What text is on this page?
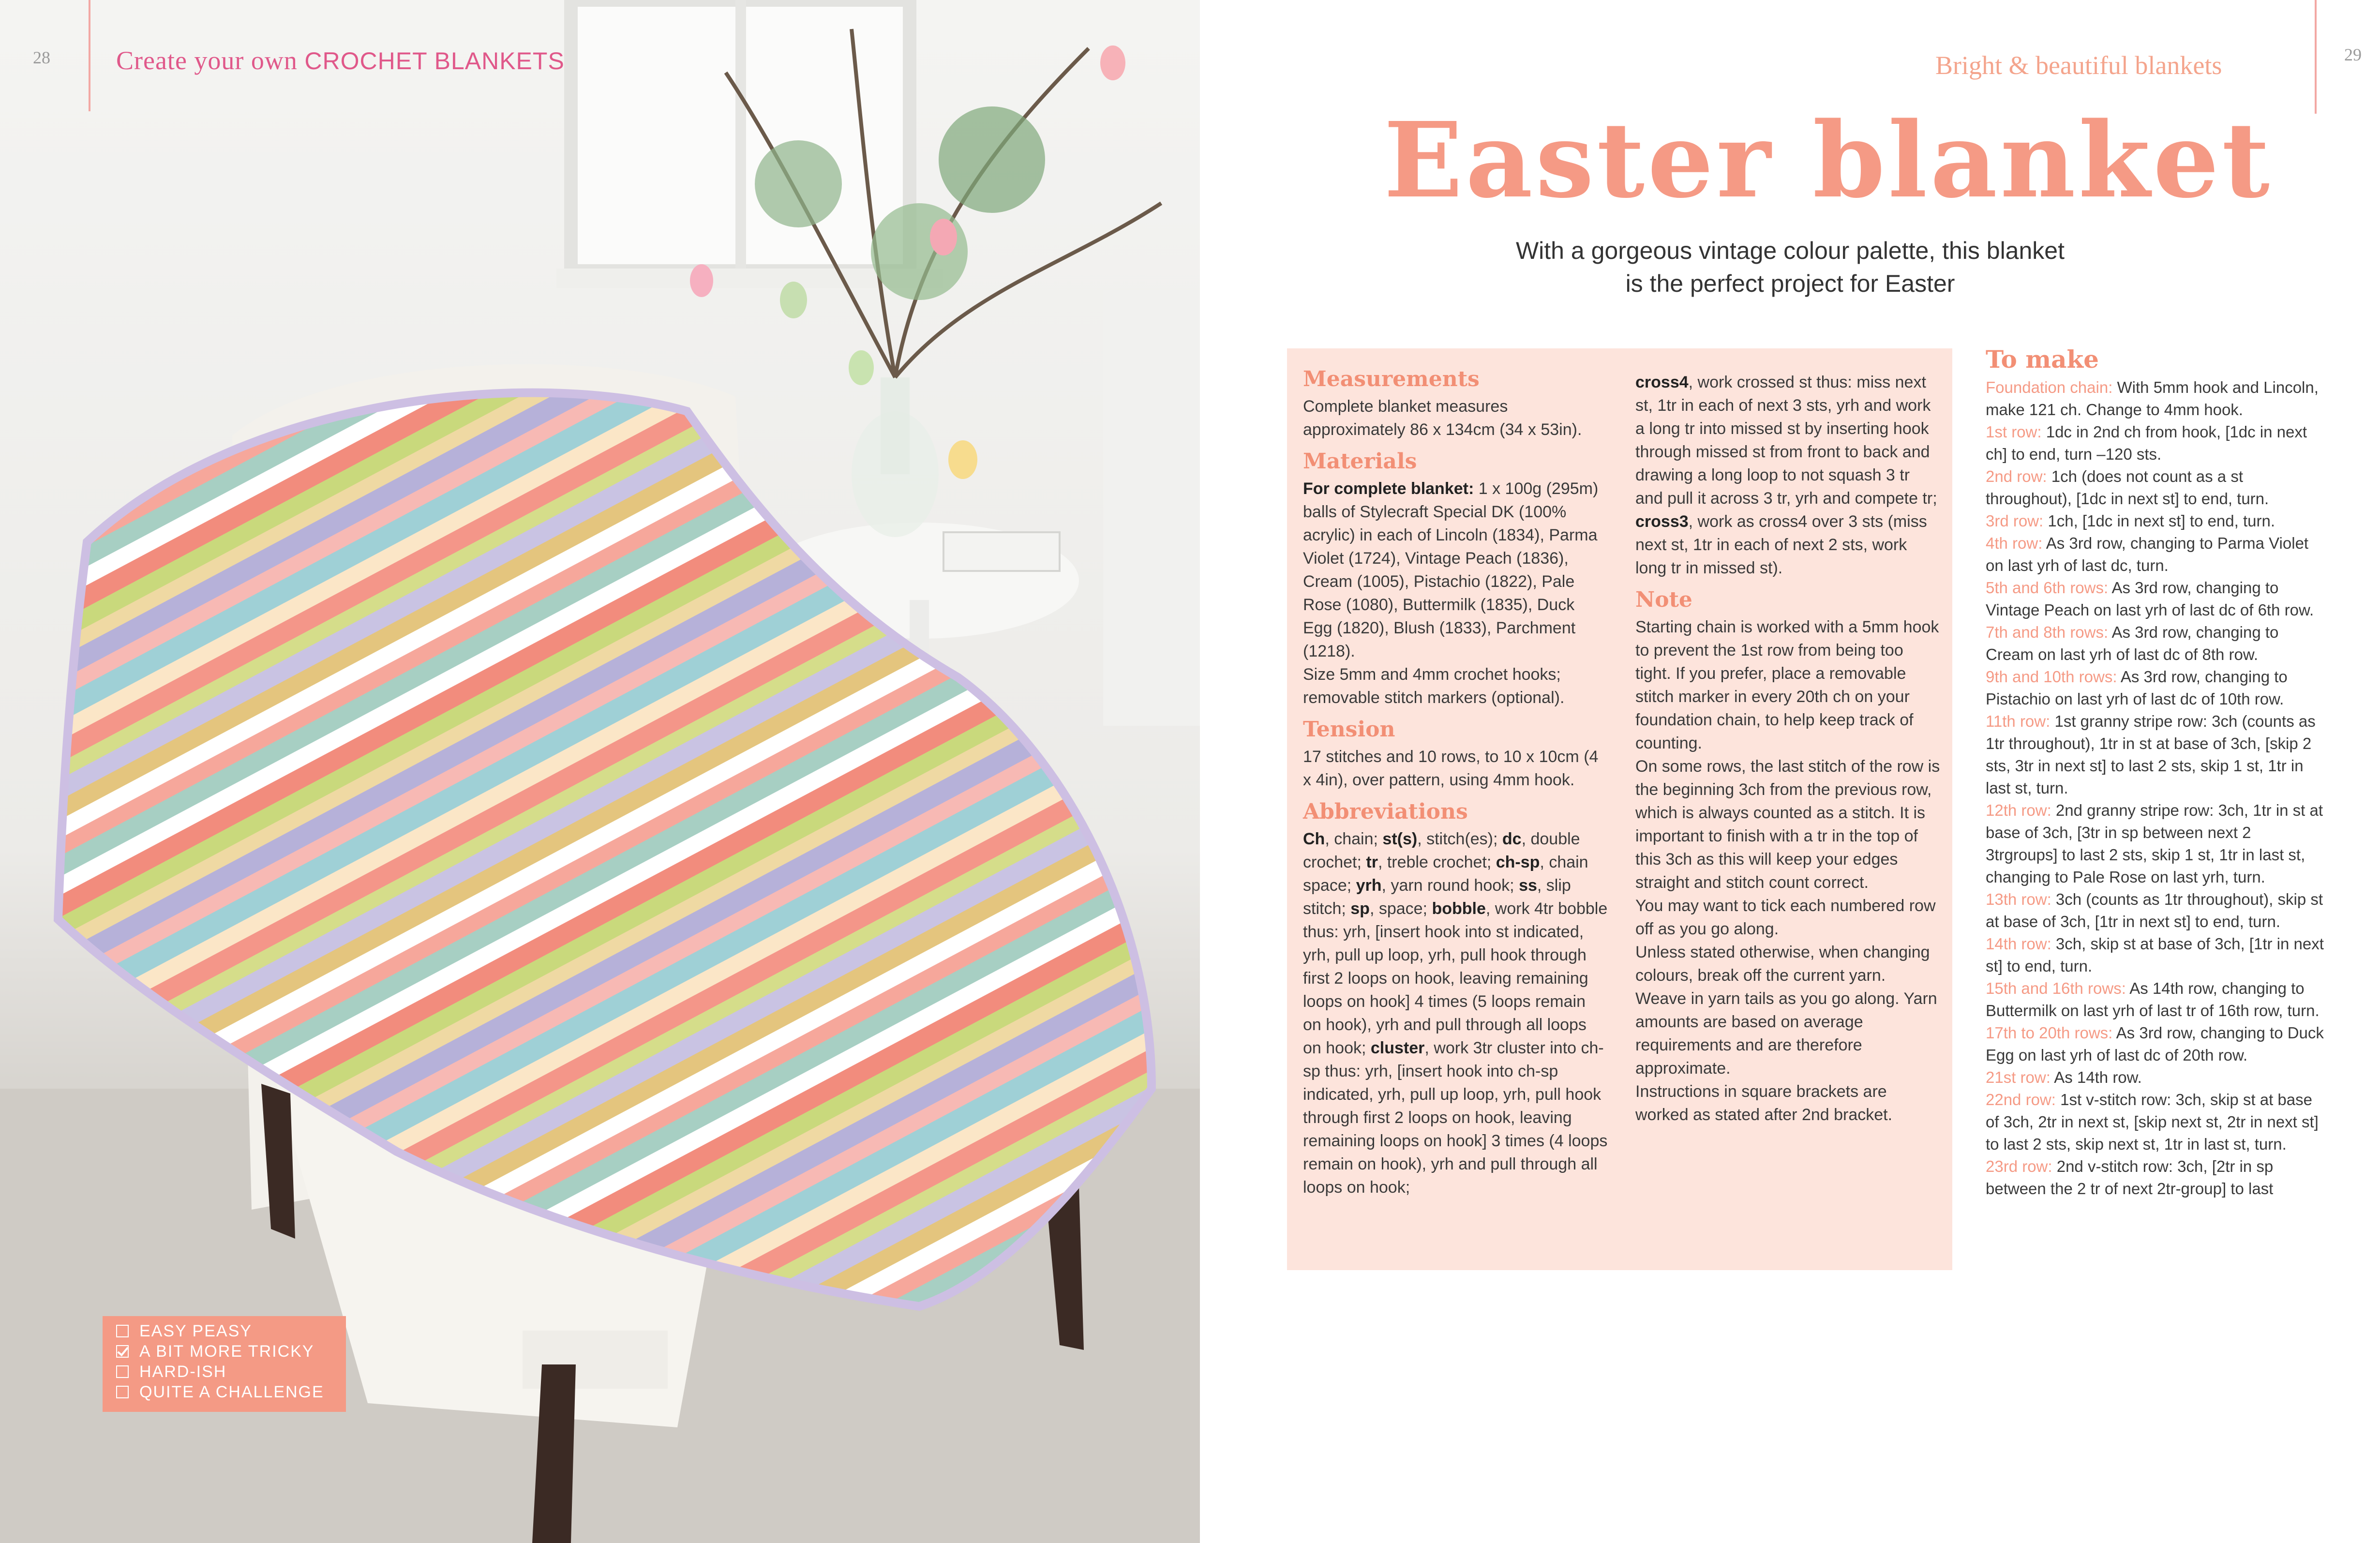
28	Create your own CROCHET BLANKETS
EASY PEASY
A BIT MORE TRICKY
HARD-ISH
QUITE A CHALLENGE
Bright & beautiful blankets	29
Easter blanket
With a gorgeous vintage colour palette, this blanket
is the perfect project for Easter

Measurements

Complete blanket measures approximately 86 x 134cm (34 x 53in).

Materials

For complete blanket: 1 x 100g (295m) balls of Stylecraft Special DK (100% acrylic) in each of Lincoln (1834), Parma Violet (1724), Vintage Peach (1836), Cream (1005), Pistachio (1822), Pale Rose (1080), Buttermilk (1835), Duck Egg (1820), Blush (1833), Parchment (1218).

Size 5mm and 4mm crochet hooks; removable stitch markers (optional).

Tension

17 stitches and 10 rows, to 10 x 10cm (4 x 4in), over pattern, using 4mm hook.

Abbreviations

Ch, chain; st(s), stitch(es); dc, double crochet; tr, treble crochet; ch-sp, chain space; yrh, yarn round hook; ss, slip stitch; sp, space; bobble, work 4tr bobble thus: yrh, [insert hook into st indicated, yrh, pull up loop, yrh, pull hook through first 2 loops on hook, leaving remaining loops on hook] 4 times (5 loops remain on hook), yrh and pull through all loops on hook; cluster, work 3tr cluster into ch-sp thus: yrh, [insert hook into ch-sp indicated, yrh, pull up loop, yrh, pull hook through first 2 loops on hook, leaving remaining loops on hook] 3 times (4 loops remain on hook), yrh and pull through all loops on hook;

cross4, work crossed st thus: miss next st, 1tr in each of next 3 sts, yrh and work a long tr into missed st by inserting hook through missed st from front to back and drawing a long loop to not squash 3 tr and pull it across 3 tr, yrh and compete tr; cross3, work as cross4 over 3 sts (miss next st, 1tr in each of next 2 sts, work long tr in missed st).

Note

Starting chain is worked with a 5mm hook to prevent the 1st row from being too tight. If you prefer, place a removable stitch marker in every 20th ch on your foundation chain, to help keep track of counting.

On some rows, the last stitch of the row is the beginning 3ch from the previous row, which is always counted as a stitch. It is important to finish with a tr in the top of this 3ch as this will keep your edges straight and stitch count correct.

You may want to tick each numbered row off as you go along.

Unless stated otherwise, when changing colours, break off the current yarn. Weave in yarn tails as you go along. Yarn amounts are based on average requirements and are therefore approximate.

Instructions in square brackets are worked as stated after 2nd bracket.

To make

Foundation chain: With 5mm hook and Lincoln, make 121 ch. Change to 4mm hook.

1st row: 1dc in 2nd ch from hook, [1dc in next ch] to end, turn –120 sts.

2nd row: 1ch (does not count as a st throughout), [1dc in next st] to end, turn.

3rd row: 1ch, [1dc in next st] to end, turn.

4th row: As 3rd row, changing to Parma Violet on last yrh of last dc, turn.

5th and 6th rows: As 3rd row, changing to Vintage Peach on last yrh of last dc of 6th row.

7th and 8th rows: As 3rd row, changing to Cream on last yrh of last dc of 8th row.

9th and 10th rows: As 3rd row, changing to Pistachio on last yrh of last dc of 10th row.

11th row: 1st granny stripe row: 3ch (counts as 1tr throughout), 1tr in st at base of 3ch, [skip 2 sts, 3tr in next st] to last 2 sts, skip 1 st, 1tr in last st, turn.

12th row: 2nd granny stripe row: 3ch, 1tr in st at base of 3ch, [3tr in sp between next 2 3trgroups] to last 2 sts, skip 1 st, 1tr in last st, changing to Pale Rose on last yrh, turn.

13th row: 3ch (counts as 1tr throughout), skip st at base of 3ch, [1tr in next st] to end, turn.

14th row: 3ch, skip st at base of 3ch, [1tr in next st] to end, turn.

15th and 16th rows: As 14th row, changing to Buttermilk on last yrh of last tr of 16th row, turn.

17th to 20th rows: As 3rd row, changing to Duck Egg on last yrh of last dc of 20th row.

21st row: As 14th row.

22nd row: 1st v-stitch row: 3ch, skip st at base of 3ch, 2tr in next st, [skip next st, 2tr in next st] to last 2 sts, skip next st, 1tr in last st, turn.

23rd row: 2nd v-stitch row: 3ch, [2tr in sp between the 2 tr of next 2tr-group] to last
